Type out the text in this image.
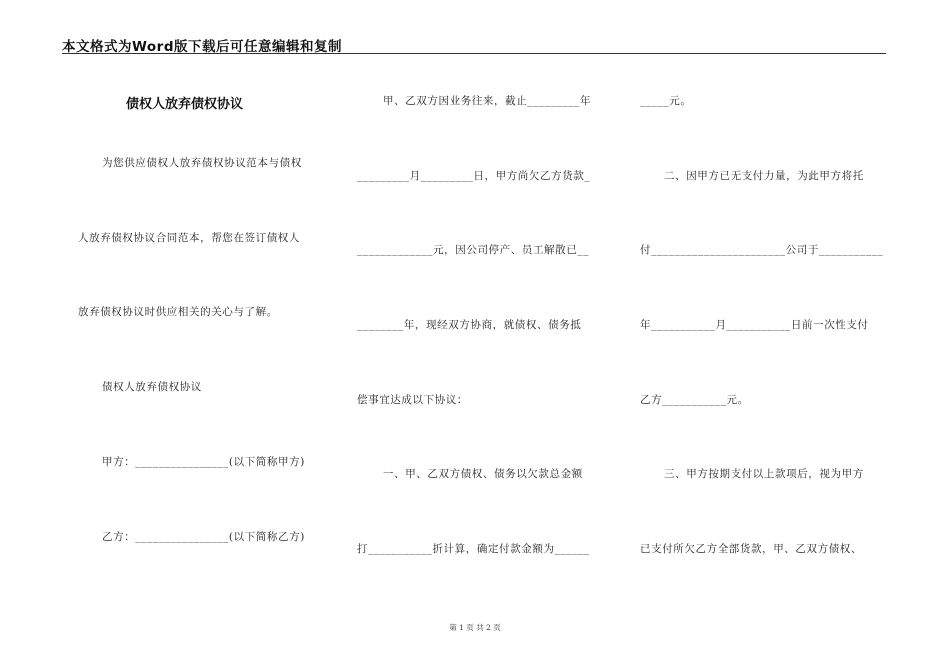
本文格式为Word版下载后可任意编辑和复制
债权人放弃债权协议
为您供应债权人放弃债权协议范本与债权
人放弃债权协议合同范本，帮您在签订债权人
放弃债权协议时供应相关的关心与了解。
债权人放弃债权协议
甲方：________________(以下简称甲方)
乙方：________________(以下简称乙方)
甲、乙双方因业务往来，截止_________年
_________月_________日，甲方尚欠乙方货款_
_____________元，因公司停产、员工解散已__
________年，现经双方协商，就债权、债务抵
偿事宜达成以下协议：
一、甲、乙双方债权、债务以欠款总金额
打___________折计算，确定付款金额为______
_____元。
二、因甲方已无支付力量，为此甲方将托
付_______________________公司于___________
年___________月___________日前一次性支付
乙方___________元。
三、甲方按期支付以上款项后，视为甲方
已支付所欠乙方全部货款，甲、乙双方债权、
第 1 页 共 2 页
